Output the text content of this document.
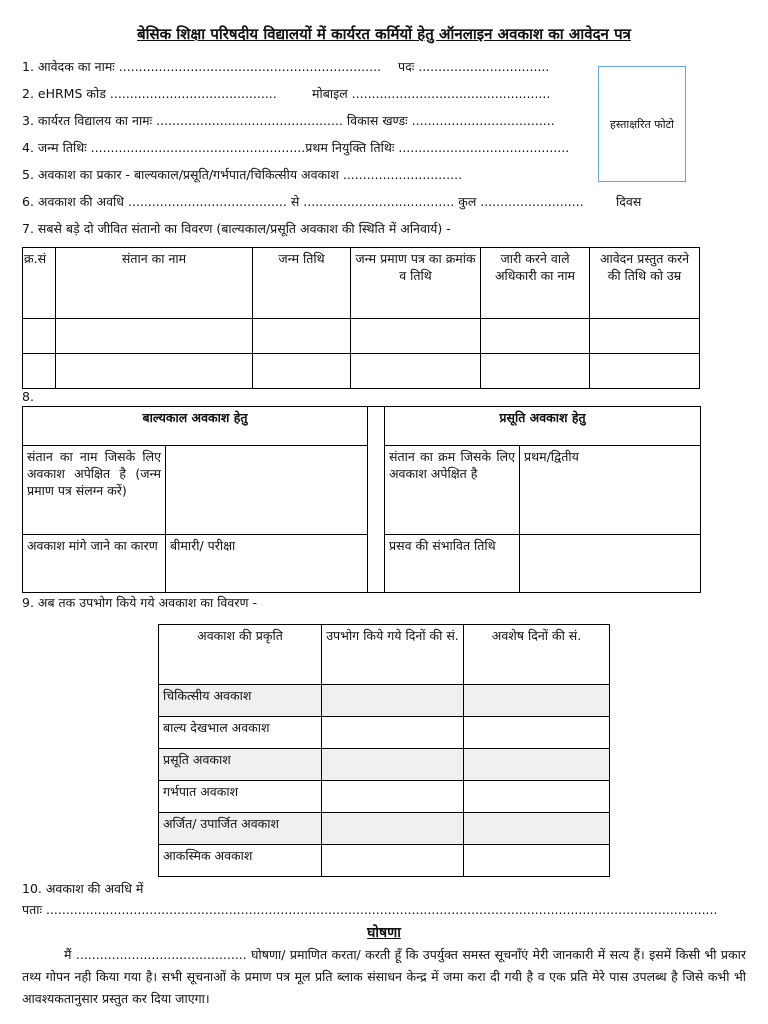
बेसिक शिक्षा परिषदीय विद्यालयों में कार्यरत कर्मियों हेतु ऑनलाइन अवकाश का आवेदन पत्र
हस्ताक्षरित फोटो
1. आवेदक का नामः .................................................................. पदः .................................
2. eHRMS कोड ..........................................	मोबाइल ..................................................
3. कार्यरत विद्यालय का नामः ............................................... विकास खण्डः ....................................
4. जन्म तिथिः ......................................................प्रथम नियुक्ति तिथिः ...........................................
5. अवकाश का प्रकार - बाल्यकाल/प्रसूति/गर्भपात/चिकित्सीय अवकाश ..............................
6. अवकाश की अवधि ........................................ से ...................................... कुल ..........................	दिवस
7. सबसे बड़े दो जीवित संतानो का विवरण (बाल्यकाल/प्रसूति अवकाश की स्थिति में अनिवार्य) -
क्र.सं	संतान का नाम	जन्म तिथि	जन्म प्रमाण पत्र का क्रमांक व तिथि	जारी करने वाले अधिकारी का नाम	आवेदन प्रस्तुत करने की तिथि को उम्र

8.
बाल्यकाल अवकाश हेतु			प्रसूति अवकाश हेतु	
संतान का नाम जिसके लिए अवकाश अपेक्षित है (जन्म प्रमाण पत्र संलग्न करें)			संतान का क्रम जिसके लिए अवकाश अपेक्षित है	प्रथम/द्वितीय
अवकाश मांगे जाने का कारण	बीमारी/ परीक्षा		प्रसव की संभावित तिथि	
9. अब तक उपभोग किये गये अवकाश का विवरण -
अवकाश की प्रकृति	उपभोग किये गये दिनों की सं.	अवशेष दिनों की सं.
चिकित्सीय अवकाश		
बाल्य देखभाल अवकाश		
प्रसूति अवकाश		
गर्भपात अवकाश		
अर्जित/ उपार्जित अवकाश		
आकस्मिक अवकाश		
10. अवकाश की अवधि में
पताः .........................................................................................................................................................................
घोषणा
मैं ........................................... घोषणा/ प्रमाणित करता/ करती हूँ कि उपर्युक्त समस्त सूचनाँएं मेरी जानकारी में सत्य हैं। इसमें किसी भी प्रकार तथ्य गोपन नही किया गया है। सभी सूचनाओं के प्रमाण पत्र मूल प्रति ब्लाक संसाधन केन्द्र में जमा करा दी गयी है व एक प्रति मेरे पास उपलब्ध है जिसे कभी भी आवश्यकतानुसार प्रस्तुत कर दिया जाएगा।
